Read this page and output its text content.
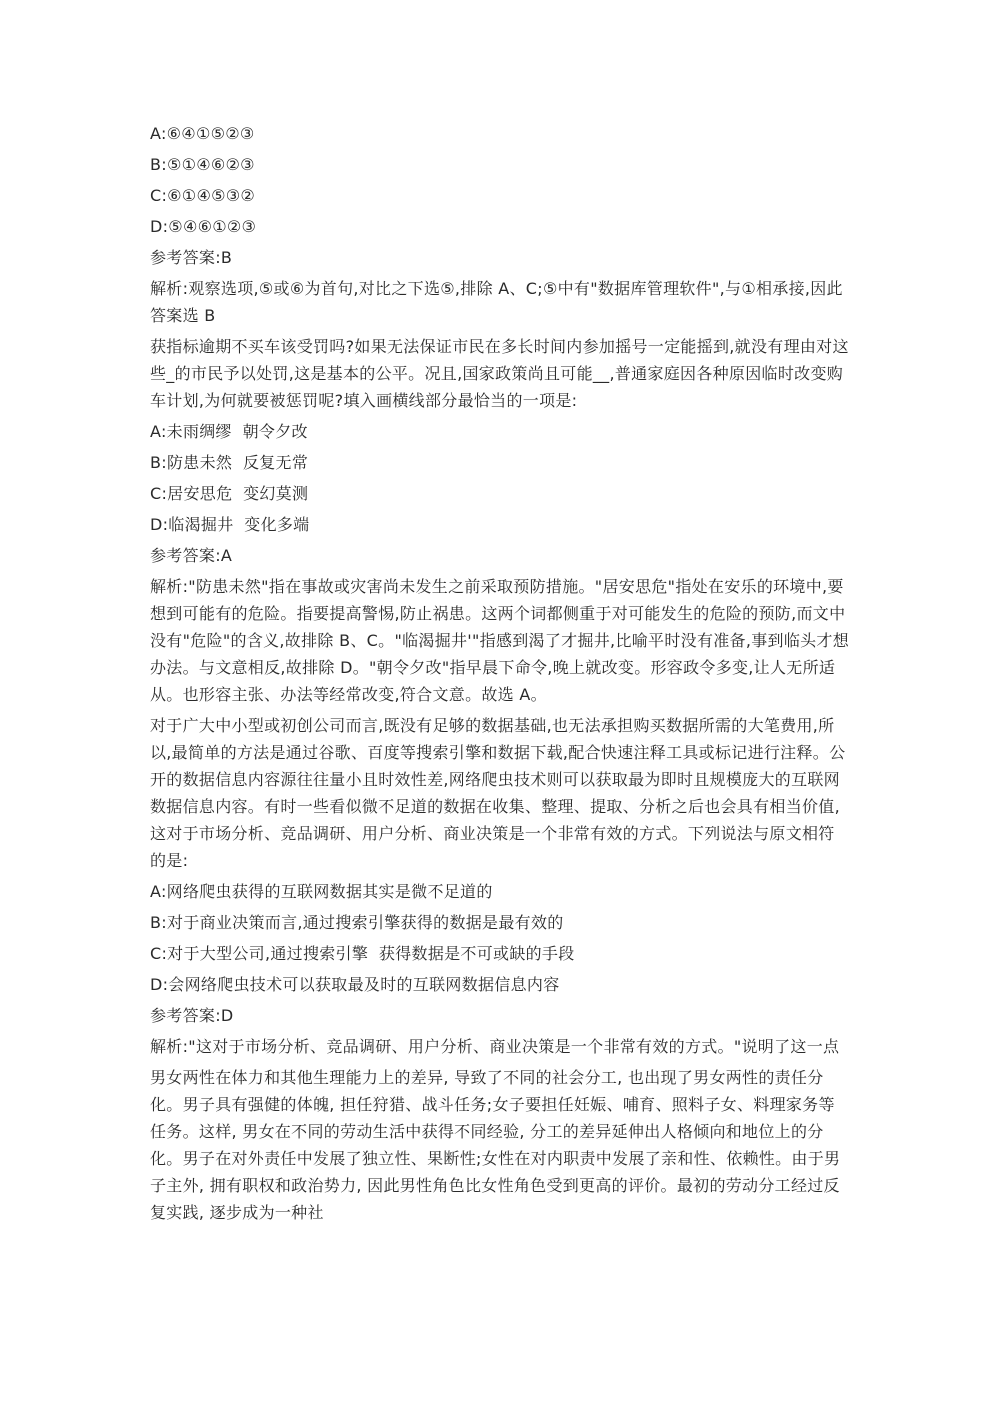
A:⑥④①⑤②③

B:⑤①④⑥②③

C:⑥①④⑤③②

D:⑤④⑥①②③

参考答案:B

解析:观察选项,⑤或⑥为首句,对比之下选⑤,排除 A、C;⑤中有"数据库管理软件",与①相承接,因此答案选 B

获指标逾期不买车该受罚吗?如果无法保证市民在多长时间内参加摇号一定能摇到,就没有理由对这些_的市民予以处罚,这是基本的公平。况且,国家政策尚且可能__,普通家庭因各种原因临时改变购车计划,为何就要被惩罚呢?填入画横线部分最恰当的一项是:

A:未雨绸缪  朝令夕改

B:防患未然  反复无常

C:居安思危  变幻莫测

D:临渴掘井  变化多端

参考答案:A

解析:"防患未然"指在事故或灾害尚未发生之前采取预防措施。"居安思危"指处在安乐的环境中,要想到可能有的危险。指要提高警惕,防止祸患。这两个词都侧重于对可能发生的危险的预防,而文中没有"危险"的含义,故排除 B、C。"临渴掘井'"指感到渴了才掘井,比喻平时没有准备,事到临头才想办法。与文意相反,故排除 D。"朝令夕改"指早晨下命令,晚上就改变。形容政令多变,让人无所适从。也形容主张、办法等经常改变,符合文意。故选 A。

对于广大中小型或初创公司而言,既没有足够的数据基础,也无法承担购买数据所需的大笔费用,所以,最简单的方法是通过谷歌、百度等搜索引擎和数据下载,配合快速注释工具或标记进行注释。公开的数据信息内容源往往量小且时效性差,网络爬虫技术则可以获取最为即时且规模庞大的互联网数据信息内容。有时一些看似微不足道的数据在收集、整理、提取、分析之后也会具有相当价值,这对于市场分析、竞品调研、用户分析、商业决策是一个非常有效的方式。下列说法与原文相符的是:

A:网络爬虫获得的互联网数据其实是微不足道的

B:对于商业决策而言,通过搜索引擎获得的数据是最有效的

C:对于大型公司,通过搜索引擎  获得数据是不可或缺的手段

D:会网络爬虫技术可以获取最及时的互联网数据信息内容

参考答案:D

解析:"这对于市场分析、竞品调研、用户分析、商业决策是一个非常有效的方式。"说明了这一点

男女两性在体力和其他生理能力上的差异, 导致了不同的社会分工, 也出现了男女两性的责任分化。男子具有强健的体魄, 担任狩猎、战斗任务;女子要担任妊娠、哺育、照料子女、料理家务等任务。这样, 男女在不同的劳动生活中获得不同经验, 分工的差异延伸出人格倾向和地位上的分化。男子在对外责任中发展了独立性、果断性;女性在对内职责中发展了亲和性、依赖性。由于男子主外, 拥有职权和政治势力, 因此男性角色比女性角色受到更高的评价。最初的劳动分工经过反复实践, 逐步成为一种社
